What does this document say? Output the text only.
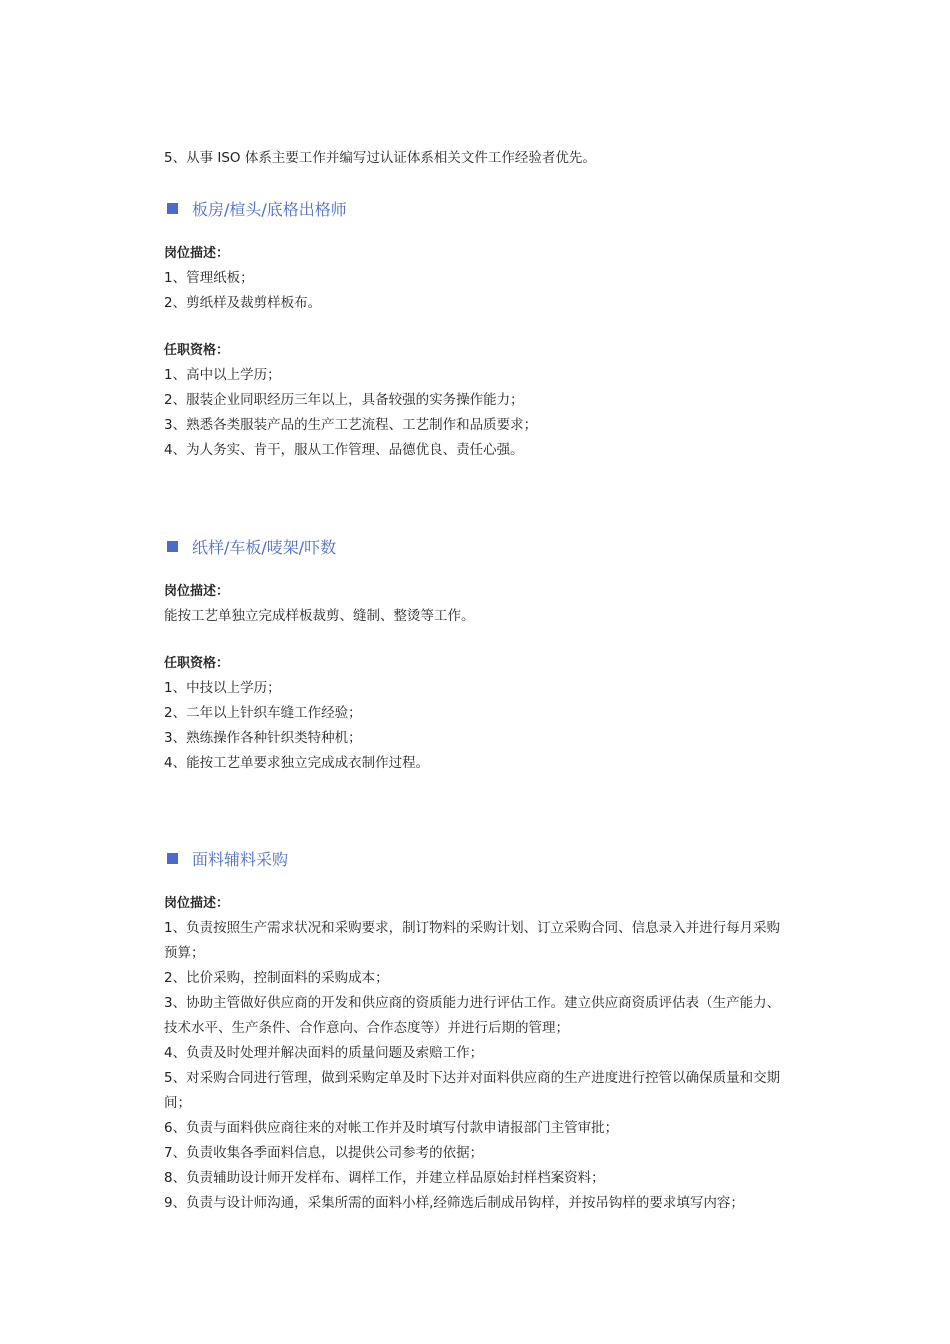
5、从事 ISO 体系主要工作并编写过认证体系相关文件工作经验者优先。
板房/楦头/底格出格师
岗位描述：
1、管理纸板；
2、剪纸样及裁剪样板布。
任职资格：
1、高中以上学历；
2、服装企业同职经历三年以上，具备较强的实务操作能力；
3、熟悉各类服装产品的生产工艺流程、工艺制作和品质要求；
4、为人务实、肯干，服从工作管理、品德优良、责任心强。
纸样/车板/唛架/吓数
岗位描述：
能按工艺单独立完成样板裁剪、缝制、整烫等工作。
任职资格：
1、中技以上学历；
2、二年以上针织车缝工作经验；
3、熟练操作各种针织类特种机；
4、能按工艺单要求独立完成成衣制作过程。
面料辅料采购
岗位描述：
1、负责按照生产需求状况和采购要求，制订物料的采购计划、订立采购合同、信息录入并进行每月采购预算；
2、比价采购，控制面料的采购成本；
3、协助主管做好供应商的开发和供应商的资质能力进行评估工作。建立供应商资质评估表（生产能力、技术水平、生产条件、合作意向、合作态度等）并进行后期的管理；
4、负责及时处理并解决面料的质量问题及索赔工作；
5、对采购合同进行管理，做到采购定单及时下达并对面料供应商的生产进度进行控管以确保质量和交期间；
6、负责与面料供应商往来的对帐工作并及时填写付款申请报部门主管审批；
7、负责收集各季面料信息，以提供公司参考的依据；
8、负责辅助设计师开发样布、调样工作，并建立样品原始封样档案资料；
9、负责与设计师沟通，采集所需的面料小样,经筛选后制成吊钩样，并按吊钩样的要求填写内容；
